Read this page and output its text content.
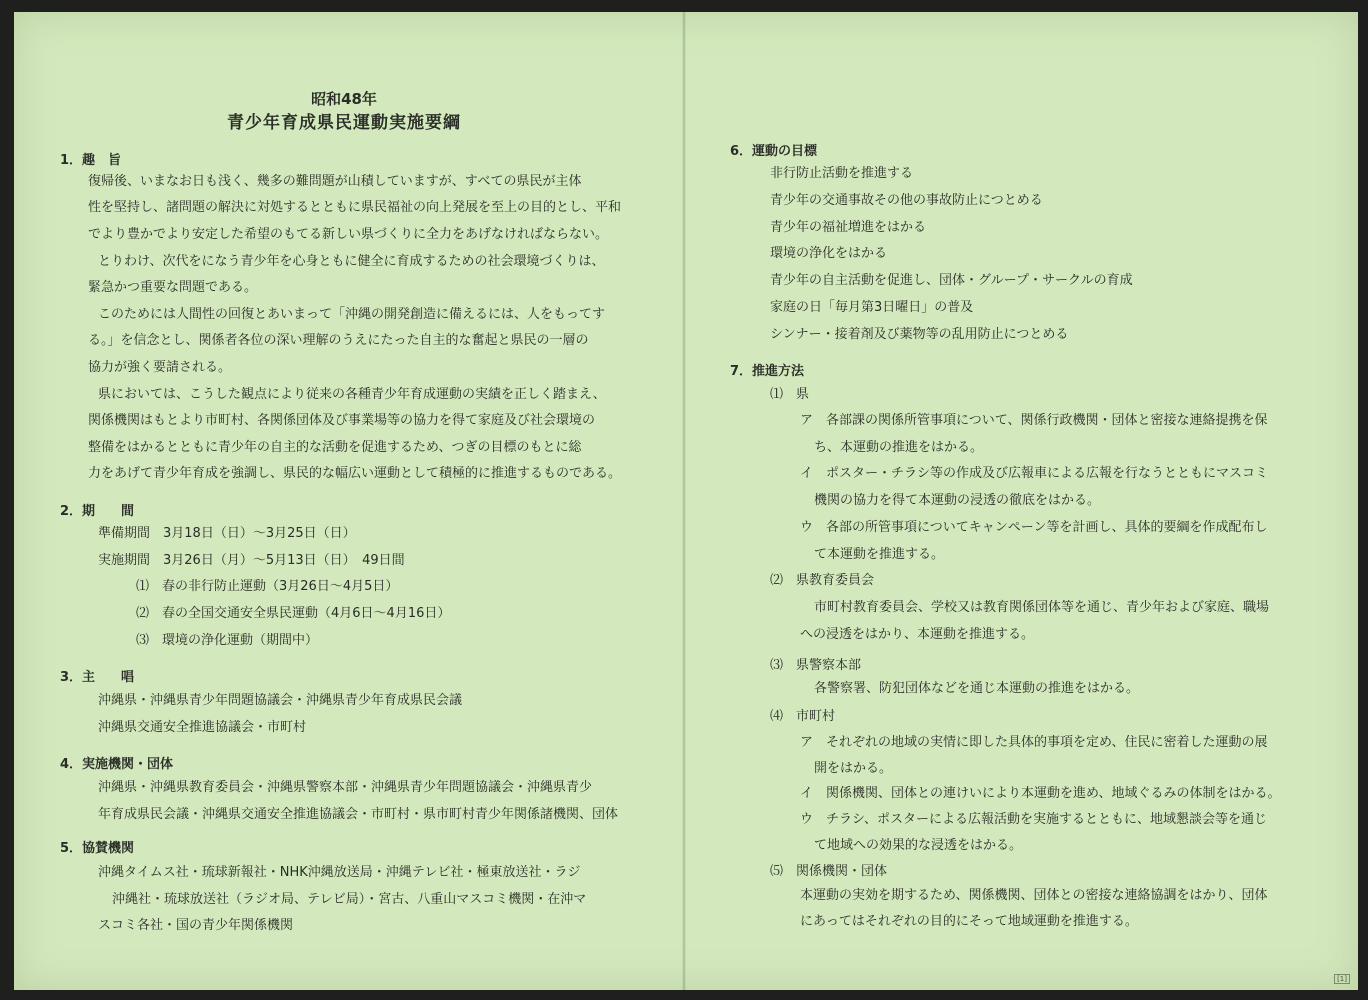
昭和48年
青少年育成県民運動実施要綱
1．趣　旨
復帰後、いまなお日も浅く、幾多の難問題が山積していますが、すべての県民が主体
性を堅持し、諸問題の解決に対処するとともに県民福祉の向上発展を至上の目的とし、平和
でより豊かでより安定した希望のもてる新しい県づくりに全力をあげなければならない。
とりわけ、次代をになう青少年を心身ともに健全に育成するための社会環境づくりは、
緊急かつ重要な問題である。
このためには人間性の回復とあいまって「沖縄の開発創造に備えるには、人をもってす
る。」を信念とし、関係者各位の深い理解のうえにたった自主的な奮起と県民の一層の
協力が強く要請される。
県においては、こうした観点により従来の各種青少年育成運動の実績を正しく踏まえ、
関係機関はもとより市町村、各関係団体及び事業場等の協力を得て家庭及び社会環境の
整備をはかるとともに青少年の自主的な活動を促進するため、つぎの目標のもとに総
力をあげて青少年育成を強調し、県民的な幅広い運動として積極的に推進するものである。
2．期　　間
準備期間　3月18日（日）～3月25日（日）
実施期間　3月26日（月）～5月13日（日）　49日間
⑴　春の非行防止運動（3月26日～4月5日）
⑵　春の全国交通安全県民運動（4月6日～4月16日）
⑶　環境の浄化運動（期間中）
3．主　　唱
沖縄県・沖縄県青少年問題協議会・沖縄県青少年育成県民会議
沖縄県交通安全推進協議会・市町村
4．実施機関・団体
沖縄県・沖縄県教育委員会・沖縄県警察本部・沖縄県青少年問題協議会・沖縄県青少
年育成県民会議・沖縄県交通安全推進協議会・市町村・県市町村青少年関係諸機関、団体
5．協賛機関
沖縄タイムス社・琉球新報社・NHK沖縄放送局・沖縄テレビ社・極東放送社・ラジ
沖縄社・琉球放送社（ラジオ局、テレビ局）・宮古、八重山マスコミ機関・在沖マ
スコミ各社・国の青少年関係機関
6．運動の目標
非行防止活動を推進する
青少年の交通事故その他の事故防止につとめる
青少年の福祉増進をはかる
環境の浄化をはかる
青少年の自主活動を促進し、団体・グループ・サークルの育成
家庭の日「毎月第3日曜日」の普及
シンナー・接着剤及び薬物等の乱用防止につとめる
7．推進方法
⑴　県
ア　各部課の関係所管事項について、関係行政機関・団体と密接な連絡提携を保
ち、本運動の推進をはかる。
イ　ポスター・チラシ等の作成及び広報車による広報を行なうとともにマスコミ
機関の協力を得て本運動の浸透の徹底をはかる。
ウ　各部の所管事項についてキャンペーン等を計画し、具体的要綱を作成配布し
て本運動を推進する。
⑵　県教育委員会
市町村教育委員会、学校又は教育関係団体等を通じ、青少年および家庭、職場
への浸透をはかり、本運動を推進する。
⑶　県警察本部
各警察署、防犯団体などを通じ本運動の推進をはかる。
⑷　市町村
ア　それぞれの地域の実情に即した具体的事項を定め、住民に密着した運動の展
開をはかる。
イ　関係機関、団体との連けいにより本運動を進め、地域ぐるみの体制をはかる。
ウ　チラシ、ポスターによる広報活動を実施するとともに、地域懇談会等を通じ
て地域への効果的な浸透をはかる。
⑸　関係機関・団体
本運動の実効を期するため、関係機関、団体との密接な連絡協調をはかり、団体
にあってはそれぞれの目的にそって地域運動を推進する。
[1]
